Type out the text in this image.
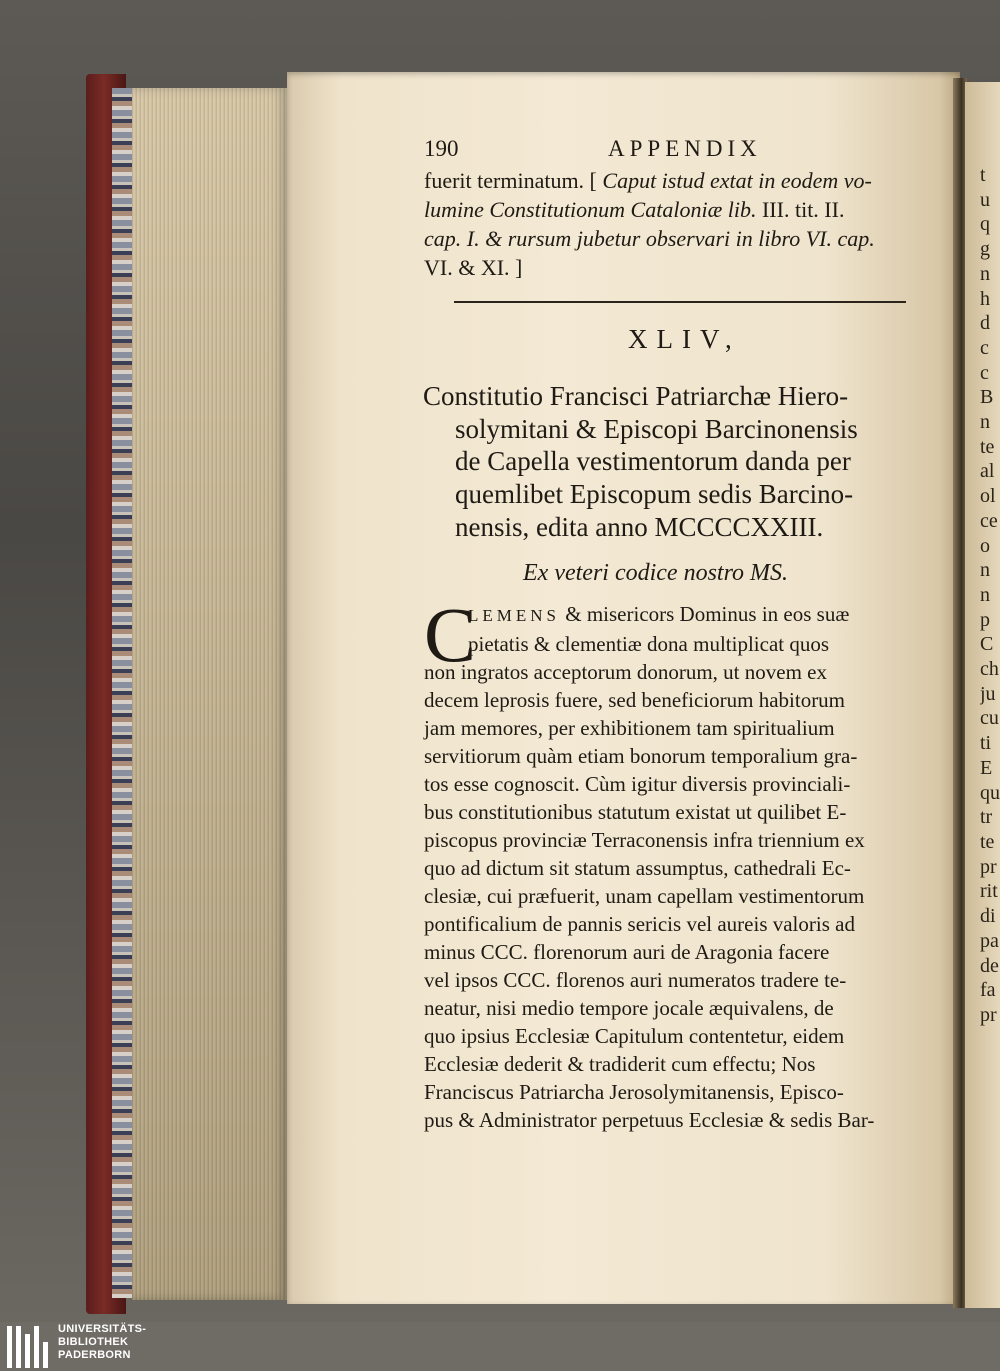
t
u
q
g
n
h
d
c
c
B
n
te
al
ol
ce
o
n
n
p
C
ch
ju
cu
ti
E
qu
tr
te
pr
rit
di
pa
de
fa
pr
190	APPENDIX
fuerit terminatum. [ Caput istud extat in eodem vo-
lumine Constitutionum Cataloniæ lib. III. tit. II.
cap. I. & rursum jubetur observari in libro VI. cap.
VI. & XI. ]
XLIV,
Constitutio Francisci Patriarchæ Hiero-
solymitani & Episcopi Barcinonensis
de Capella vestimentorum danda per
quemlibet Episcopum sedis Barcino-
nensis, edita anno MCCCCXXIII.
Ex veteri codice nostro MS.
C
LEMENS & misericors Dominus in eos suæ
pietatis & clementiæ dona multiplicat quos
non ingratos acceptorum donorum, ut novem ex
decem leprosis fuere, sed beneficiorum habitorum
jam memores, per exhibitionem tam spiritualium
servitiorum quàm etiam bonorum temporalium gra-
tos esse cognoscit. Cùm igitur diversis provinciali-
bus constitutionibus statutum existat ut quilibet E-
piscopus provinciæ Terraconensis infra triennium ex
quo ad dictum sit statum assumptus, cathedrali Ec-
clesiæ, cui præfuerit, unam capellam vestimentorum
pontificalium de pannis sericis vel aureis valoris ad
minus CCC. florenorum auri de Aragonia facere
vel ipsos CCC. florenos auri numeratos tradere te-
neatur, nisi medio tempore jocale æquivalens, de
quo ipsius Ecclesiæ Capitulum contentetur, eidem
Ecclesiæ dederit & tradiderit cum effectu; Nos
Franciscus Patriarcha Jerosolymitanensis, Episco-
pus & Administrator perpetuus Ecclesiæ & sedis Bar-
UNIVERSITÄTS-
BIBLIOTHEK
PADERBORN
